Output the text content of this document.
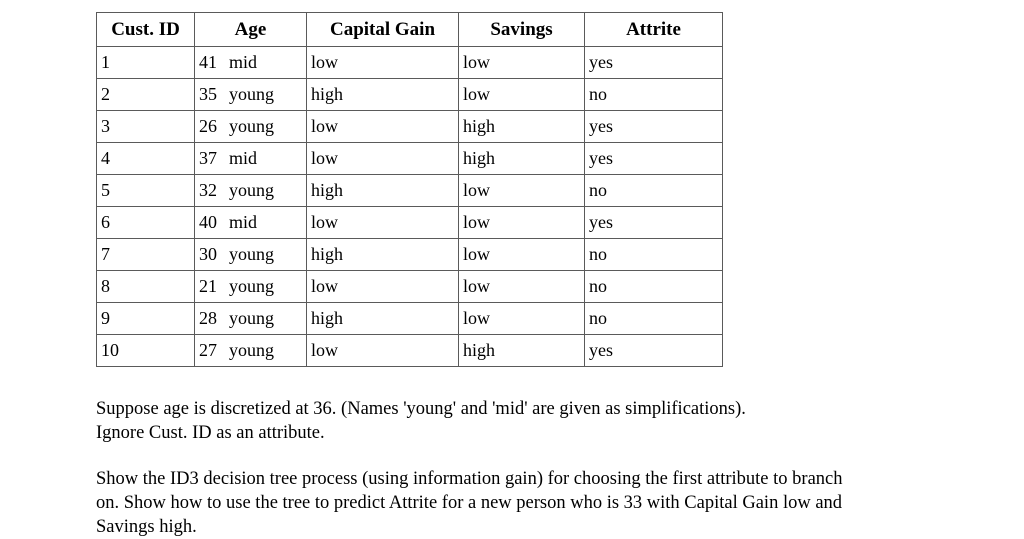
Cust. ID	Age	Capital Gain	Savings	Attrite
1	41 mid	low	low	yes
2	35 young	high	low	no
3	26 young	low	high	yes
4	37 mid	low	high	yes
5	32 young	high	low	no
6	40 mid	low	low	yes
7	30 young	high	low	no
8	21 young	low	low	no
9	28 young	high	low	no
10	27 young	low	high	yes

Suppose age is discretized at 36. (Names 'young' and 'mid' are given as simplifications).
Ignore Cust. ID as an attribute.

Show the ID3 decision tree process (using information gain) for choosing the first attribute to branch
on. Show how to use the tree to predict Attrite for a new person who is 33 with Capital Gain low and
Savings high.
